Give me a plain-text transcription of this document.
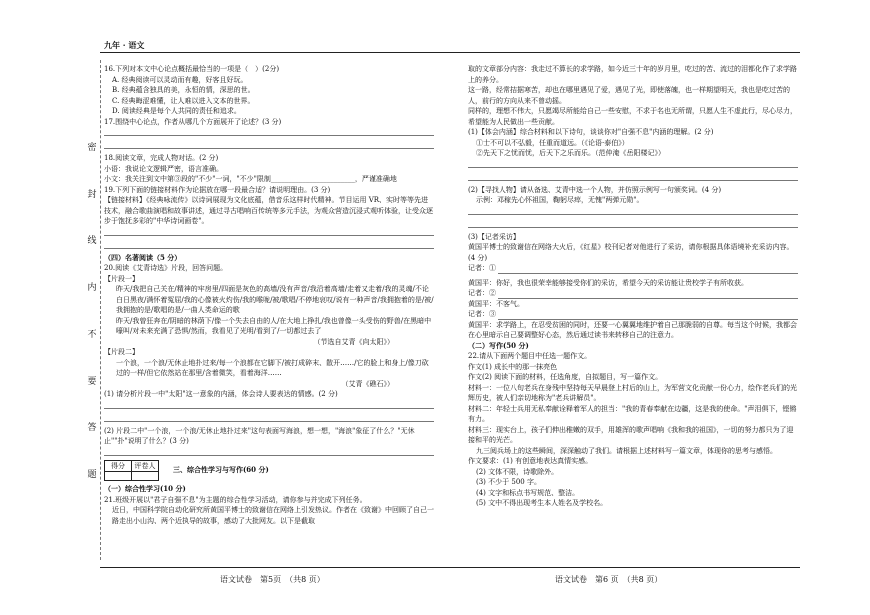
九年 · 语文
密
封
线
内
不
要
答
题

16.下列对本文中心论点概括最恰当的一项是（　）(2分)

A. 经典阅读可以灵动而有趣，好客且好玩。

B. 经典蕴含独具的美，永恒的情，深思的世。

C. 经典晦涩难懂，让人难以进入文本的世界。

D. 阅读经典是每个人共同的责任和追求。

17.围绕中心论点，作者从哪几个方面展开了论述？(3 分)

18.阅读文章，完成人物对话。(2 分)

小语：我说论文逻辑严密，语言准确。

小文：我关注到文中第③段的"不少"一词，"不少"限制________________________，严谨准确地

19.下列下面的链接材料作为论据放在哪一段最合适？请说明理由。(3 分)

【链接材料】《经典咏流传》以诗词展现为文化底蕴，借音乐这样时代精神。节目运用 VR、实时等等先进技术，融合歌曲演唱和故事讲述，通过寻古唱响百传统等多元手法，为观众营造沉浸式观听体验，让受众逐步于饱抚多彩的"中华诗词画卷"。

（四）名著阅读（5 分）

20.阅读《艾青诗选》片段，回答问题。

【片段一】

昨天/我把自己关在/精神的牢房里/四面是灰色的高墙/没有声音/我沿着高墙/走着又走着/我的灵魂/不论白日黑夜/满怀着冤屈/我的心像被火灼伤/我的喉咙/被/歌唱/不停地哀叹/说有一种声音/我拥抱着的是/被/我拥抱的是/歌唱的是/一曲人类命运的歌

昨天/我曾狂奔在/阴暗的林荫下/像一个失去自由的人/在大地上挣扎/我也曾像一头受伤的野兽/在黑暗中嚎叫/对未来充满了恐惧/然而，我看见了光明/看到了/一切都过去了

（节选自艾青《向太阳》）

【片段二】

一个浪，一个浪/无休止地扑过来/每一个浪都在它脚下/被打成碎末、散开……/它的脸上和身上/像刀砍过的一样/但它依然站在那里/含着微笑，看着海洋……

（艾青《礁石》）

(1) 请分析片段一中"太阳"这一意象的内涵，体会诗人要表达的情感。(2 分)

(2) 片段二中"一个浪，一个浪/无休止地扑过来"这句表面写海浪，想一想，"海浪"象征了什么？"无休止""扑"说明了什么？(3 分)

得分	评卷人
		三、综合性学习与写作(60 分)

（一）综合性学习(10 分)

21.班级开展以"君子自强不息"为主题的综合性学习活动，请你参与并完成下列任务。

近日，中国科学院自动化研究所黄国平博士的致谢信在网络上引发热议。作者在《致谢》中回顾了自己一路走出小山沟、两个近执导的故事，感动了大批网友。以下是截取

取的文章部分内容：我走过不算长的求学路，如今近三十年的岁月里，吃过的苦、流过的泪都化作了求学路上的养分。

这一路，经常拮据寒苦，却也在哪里遇见了爱，遇见了光，即使落魄，也一样期望明天，我也是吃过苦的人，前行的方向从来不曾动摇。

同样的，理想不伟大，只愿竭尽所能给自己一些安慰，不求于名也无所谓，只愿人生不虚此行，尽心尽力，希望能为人民做出一些贡献。

(1)【体会内涵】综合材料和以下诗句，谈谈你对"自强不息"内涵的理解。(2 分)

①士不可以不弘毅，任重而道远。（《论语·泰伯》）

②先天下之忧而忧，后天下之乐而乐。（范仲淹《岳阳楼记》）

(2)【寻找人物】请从备选、艾青中选一个人物，并仿照示例写一句颁奖词。(4 分)

示例：邓稼先心怀祖国，鞠躬尽瘁，无愧"两弹元勋"。

(3)【记者采访】

黄国平博士的致谢信在网络大火后，《红星》校刊记者对他进行了采访，请你根据具体语境补充采访内容。(4 分)

记者：①

黄国平：你好，我也很荣幸能够接受你们的采访，希望今天的采访能让贵校学子有所收获。

记者：②

黄国平：不客气。

记者：③

黄国平：求学路上，在忍受贫困的同时，还要一心翼翼地维护着自己那脆弱的自尊。每当这个时候，我都会在心里暗示自己要调整好心态，然后通过读书来转移自己的注意力。

（二）写作(50 分)

22.请从下面两个题目中任选一题作文。

作文(1) 成长中的那一抹亮色

作文(2) 阅读下面的材料，任选角度，自拟题目，写一篇作文。

材料一：一位八旬老兵在身残中坚持每天早晨登上村后的山上，为军营文化贡献一份心力，绘作老兵们的光辉历史，被人们亲切地称为"老兵讲解员"。

材料二：年轻士兵用无私奉献诠释着军人的担当："我的青春奉献在边疆，这是我的使命。"声泪俱下，铿锵有力。

材料三：现实台上，孩子们伸出稚嫩的双手，用雄浑的歌声唱响《我和我的祖国》，一切的努力都只为了迎接和平的光芒。

九三阅兵场上的这些瞬间，深深触动了我们。请根据上述材料写一篇文章，体现你的思考与感悟。

作文要求：(1) 有创意地表达真情实感。

(2) 文体不限，诗歌除外。

(3) 不少于 500 字。

(4) 文字和标点书写规范、整洁。

(5) 文中不得出现考生本人姓名及学校名。

语文试卷　第5页　（共8 页）	语文试卷　第6 页　（共8 页）
